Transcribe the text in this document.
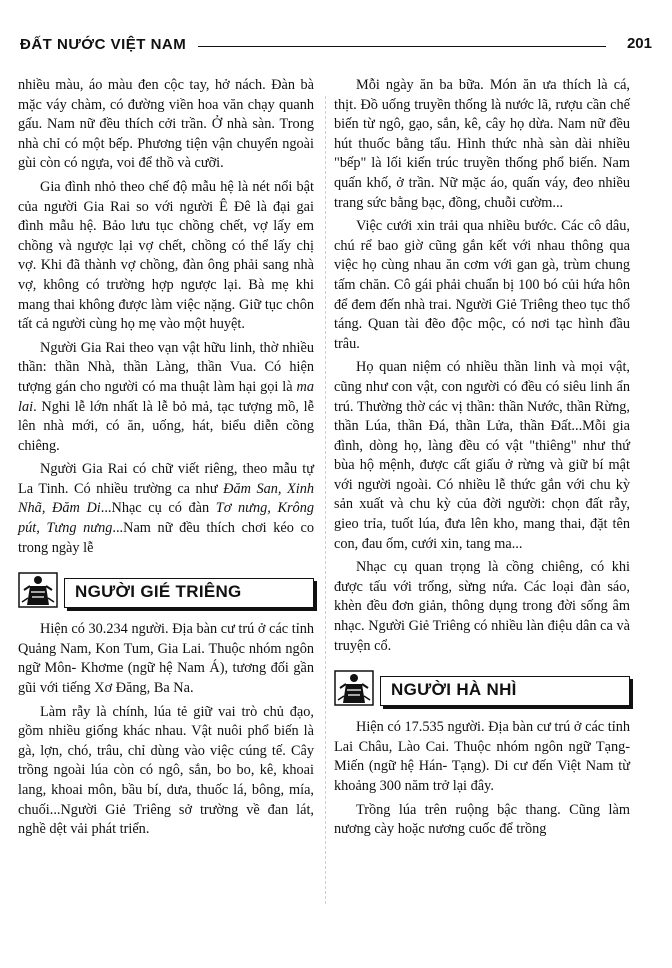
ĐẤT NƯỚC VIỆT NAM	201

nhiều màu, áo màu đen cộc tay, hở nách. Đàn bà mặc váy chàm, có đường viền hoa văn chạy quanh gấu. Nam nữ đều thích cởi trần. Ở nhà sàn. Trong nhà chỉ có một bếp. Phương tiện vận chuyển ngoài gùi còn có ngựa, voi để thồ và cưỡi.

Gia đình nhỏ theo chế độ mẫu hệ là nét nổi bật của người Gia Rai so với người Ê Đê là đại gai đình mẫu hệ. Bảo lưu tục chồng chết, vợ lấy em chồng và ngược lại vợ chết, chồng có thể lấy chị vợ. Khi đã thành vợ chồng, đàn ông phải sang nhà vợ, không có trường hợp ngược lại. Bà mẹ khi mang thai không được làm việc nặng. Giữ tục chôn tất cả người cùng họ mẹ vào một huyệt.

Người Gia Rai theo vạn vật hữu linh, thờ nhiều thần: thần Nhà, thần Làng, thần Vua. Có hiện tượng gán cho người có ma thuật làm hại gọi là ma lai. Nghi lễ lớn nhất là lễ bỏ mả, tạc tượng mồ, lễ lên nhà mới, có ăn, uống, hát, biểu diễn cồng chiêng.

Người Gia Rai có chữ viết riêng, theo mẫu tự La Tinh. Có nhiều trường ca như Đăm San, Xinh Nhã, Đăm Di...Nhạc cụ có đàn Tơ nưng, Krông pút, Tưng nưng...Nam nữ đều thích chơi kéo co trong ngày lễ

NGƯỜI GIÉ TRIÊNG

Hiện có 30.234 người. Địa bàn cư trú ở các tỉnh Quảng Nam, Kon Tum, Gia Lai. Thuộc nhóm ngôn ngữ Môn- Khơme (ngữ hệ Nam Á), tương đối gần gũi với tiếng Xơ Đăng, Ba Na.

Làm rẫy là chính, lúa tẻ giữ vai trò chủ đạo, gồm nhiều giống khác nhau. Vật nuôi phổ biến là gà, lợn, chó, trâu, chỉ dùng vào việc cúng tế. Cây trồng ngoài lúa còn có ngô, sắn, bo bo, kê, khoai lang, khoai môn, bầu bí, dưa, thuốc lá, bông, mía, chuối...Người Giẻ Triêng sở trường về đan lát, nghề dệt vải phát triển.

Mỗi ngày ăn ba bữa. Món ăn ưa thích là cá, thịt. Đồ uống truyền thống là nước lã, rượu cần chế biến từ ngô, gạo, sắn, kê, cây họ dừa. Nam nữ đều hút thuốc bằng tẩu. Hình thức nhà sàn dài nhiều "bếp" là lối kiến trúc truyền thống phổ biến. Nam quấn khố, ở trần. Nữ mặc áo, quấn váy, đeo nhiều trang sức bằng bạc, đồng, chuỗi cườm...

Việc cưới xin trải qua nhiều bước. Các cô dâu, chú rể bao giờ cũng gắn kết với nhau thông qua việc họ cùng nhau ăn cơm với gan gà, trùm chung tấm chăn. Cô gái phải chuẩn bị 100 bó củi hứa hôn để đem đến nhà trai. Người Giẻ Triêng theo tục thổ táng. Quan tài đẽo độc mộc, có nơi tạc hình đầu trâu.

Họ quan niệm có nhiều thần linh và mọi vật, cũng như con vật, con người có đều có siêu linh ẩn trú. Thường thờ các vị thần: thần Nước, thần Rừng, thần Lúa, thần Đá, thần Lửa, thần Đất...Mỗi gia đình, dòng họ, làng đều có vật "thiêng" như thứ bùa hộ mệnh, được cất giấu ở rừng và giữ bí mật với người ngoài. Có nhiều lễ thức gắn với chu kỳ sản xuất và chu kỳ của đời người: chọn đất rẫy, gieo trỉa, tuốt lúa, đưa lên kho, mang thai, đặt tên con, đau ốm, cưới xin, tang ma...

Nhạc cụ quan trọng là cồng chiêng, có khi được tấu với trống, sừng nứa. Các loại đàn sáo, khèn đều đơn giản, thông dụng trong đời sống âm nhạc. Người Giẻ Triêng có nhiều làn điệu dân ca và truyện cổ.

NGƯỜI HÀ NHÌ

Hiện có 17.535 người. Địa bàn cư trú ở các tỉnh Lai Châu, Lào Cai. Thuộc nhóm ngôn ngữ Tạng- Miến (ngữ hệ Hán- Tạng). Di cư đến Việt Nam từ khoảng 300 năm trở lại đây.

Trồng lúa trên ruộng bậc thang. Cũng làm nương cày hoặc nương cuốc để trồng
